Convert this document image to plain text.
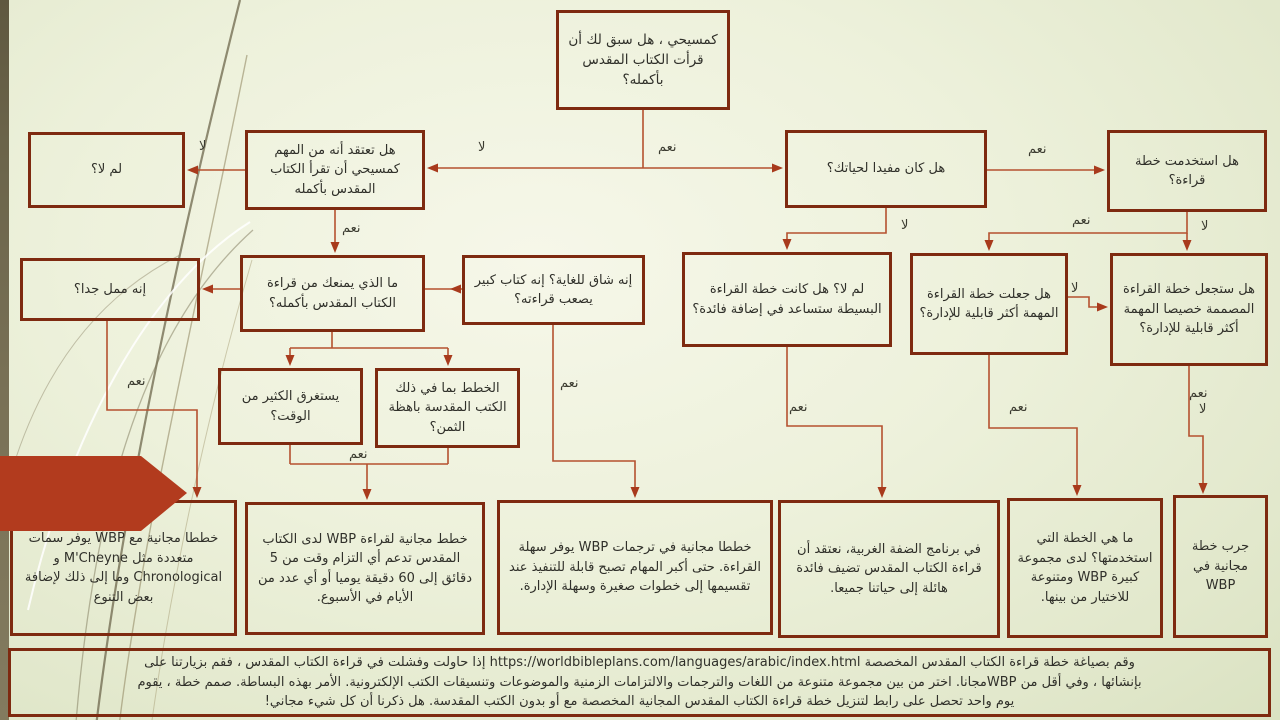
كمسيحي ، هل سبق لك أن قرأت الكتاب المقدس بأكمله؟
لم لا؟
هل تعتقد أنه من المهم كمسيحي أن تقرأ الكتاب المقدس بأكمله
هل كان مفيدا لحياتك؟
هل استخدمت خطة قراءة؟
إنه ممل جدا؟	ما الذي يمنعك من قراءة الكتاب المقدس بأكمله؟
إنه شاق للغاية؟ إنه كتاب كبير يصعب قراءته؟
لم لا؟ هل كانت خطة القراءة البسيطة ستساعد في إضافة فائدة؟
هل جعلت خطة القراءة المهمة أكثر قابلية للإدارة؟
هل ستجعل خطة القراءة المصممة خصيصا المهمة أكثر قابلية للإدارة؟
يستغرق الكثير من الوقت؟
الخطط بما في ذلك الكتب المقدسة باهظة الثمن؟
خططا مجانية مع WBP يوفر سمات متعددة مثل M'Cheyne و Chronological وما إلى ذلك لإضافة بعض التنوع
خطط مجانية لقراءة WBP لدى الكتاب المقدس تدعم أي التزام وقت من 5 دقائق إلى 60 دقيقة يوميا أو أي عدد من الأيام في الأسبوع.
خططا مجانية في ترجمات WBP يوفر سهلة القراءة. حتى أكبر المهام تصبح قابلة للتنفيذ عند تقسيمها إلى خطوات صغيرة وسهلة الإدارة.
في برنامج الضفة الغربية، نعتقد أن قراءة الكتاب المقدس تضيف فائدة هائلة إلى حياتنا جميعا.
ما هي الخطة التي استخدمتها؟ لدى مجموعة كبيرة WBP ومتنوعة للاختيار من بينها.
جرب خطة مجانية في WBP
لا	نعم
لا
نعم
نعم
لا	نعم	لا
لا
نعم	نعم
نعم
نعم	نعم
نعم
لا
إذا حاولت وفشلت في قراءة الكتاب المقدس ، فقم بزيارتنا على https://worldbibleplans.com/languages/arabic/index.html وقم بصياغة خطة قراءة الكتاب المقدس المخصصة
بإنشائها ، وفي أقل من WBPمجانا. اختر من بين مجموعة متنوعة من اللغات والترجمات والالتزامات الزمنية والموضوعات وتنسيقات الكتب الإلكترونية. الأمر بهذه البساطة. صمم خطة ، يقوم
يوم واحد تحصل على رابط لتنزيل خطة قراءة الكتاب المقدس المجانية المخصصة مع أو بدون الكتب المقدسة. هل ذكرنا أن كل شيء مجاني!
